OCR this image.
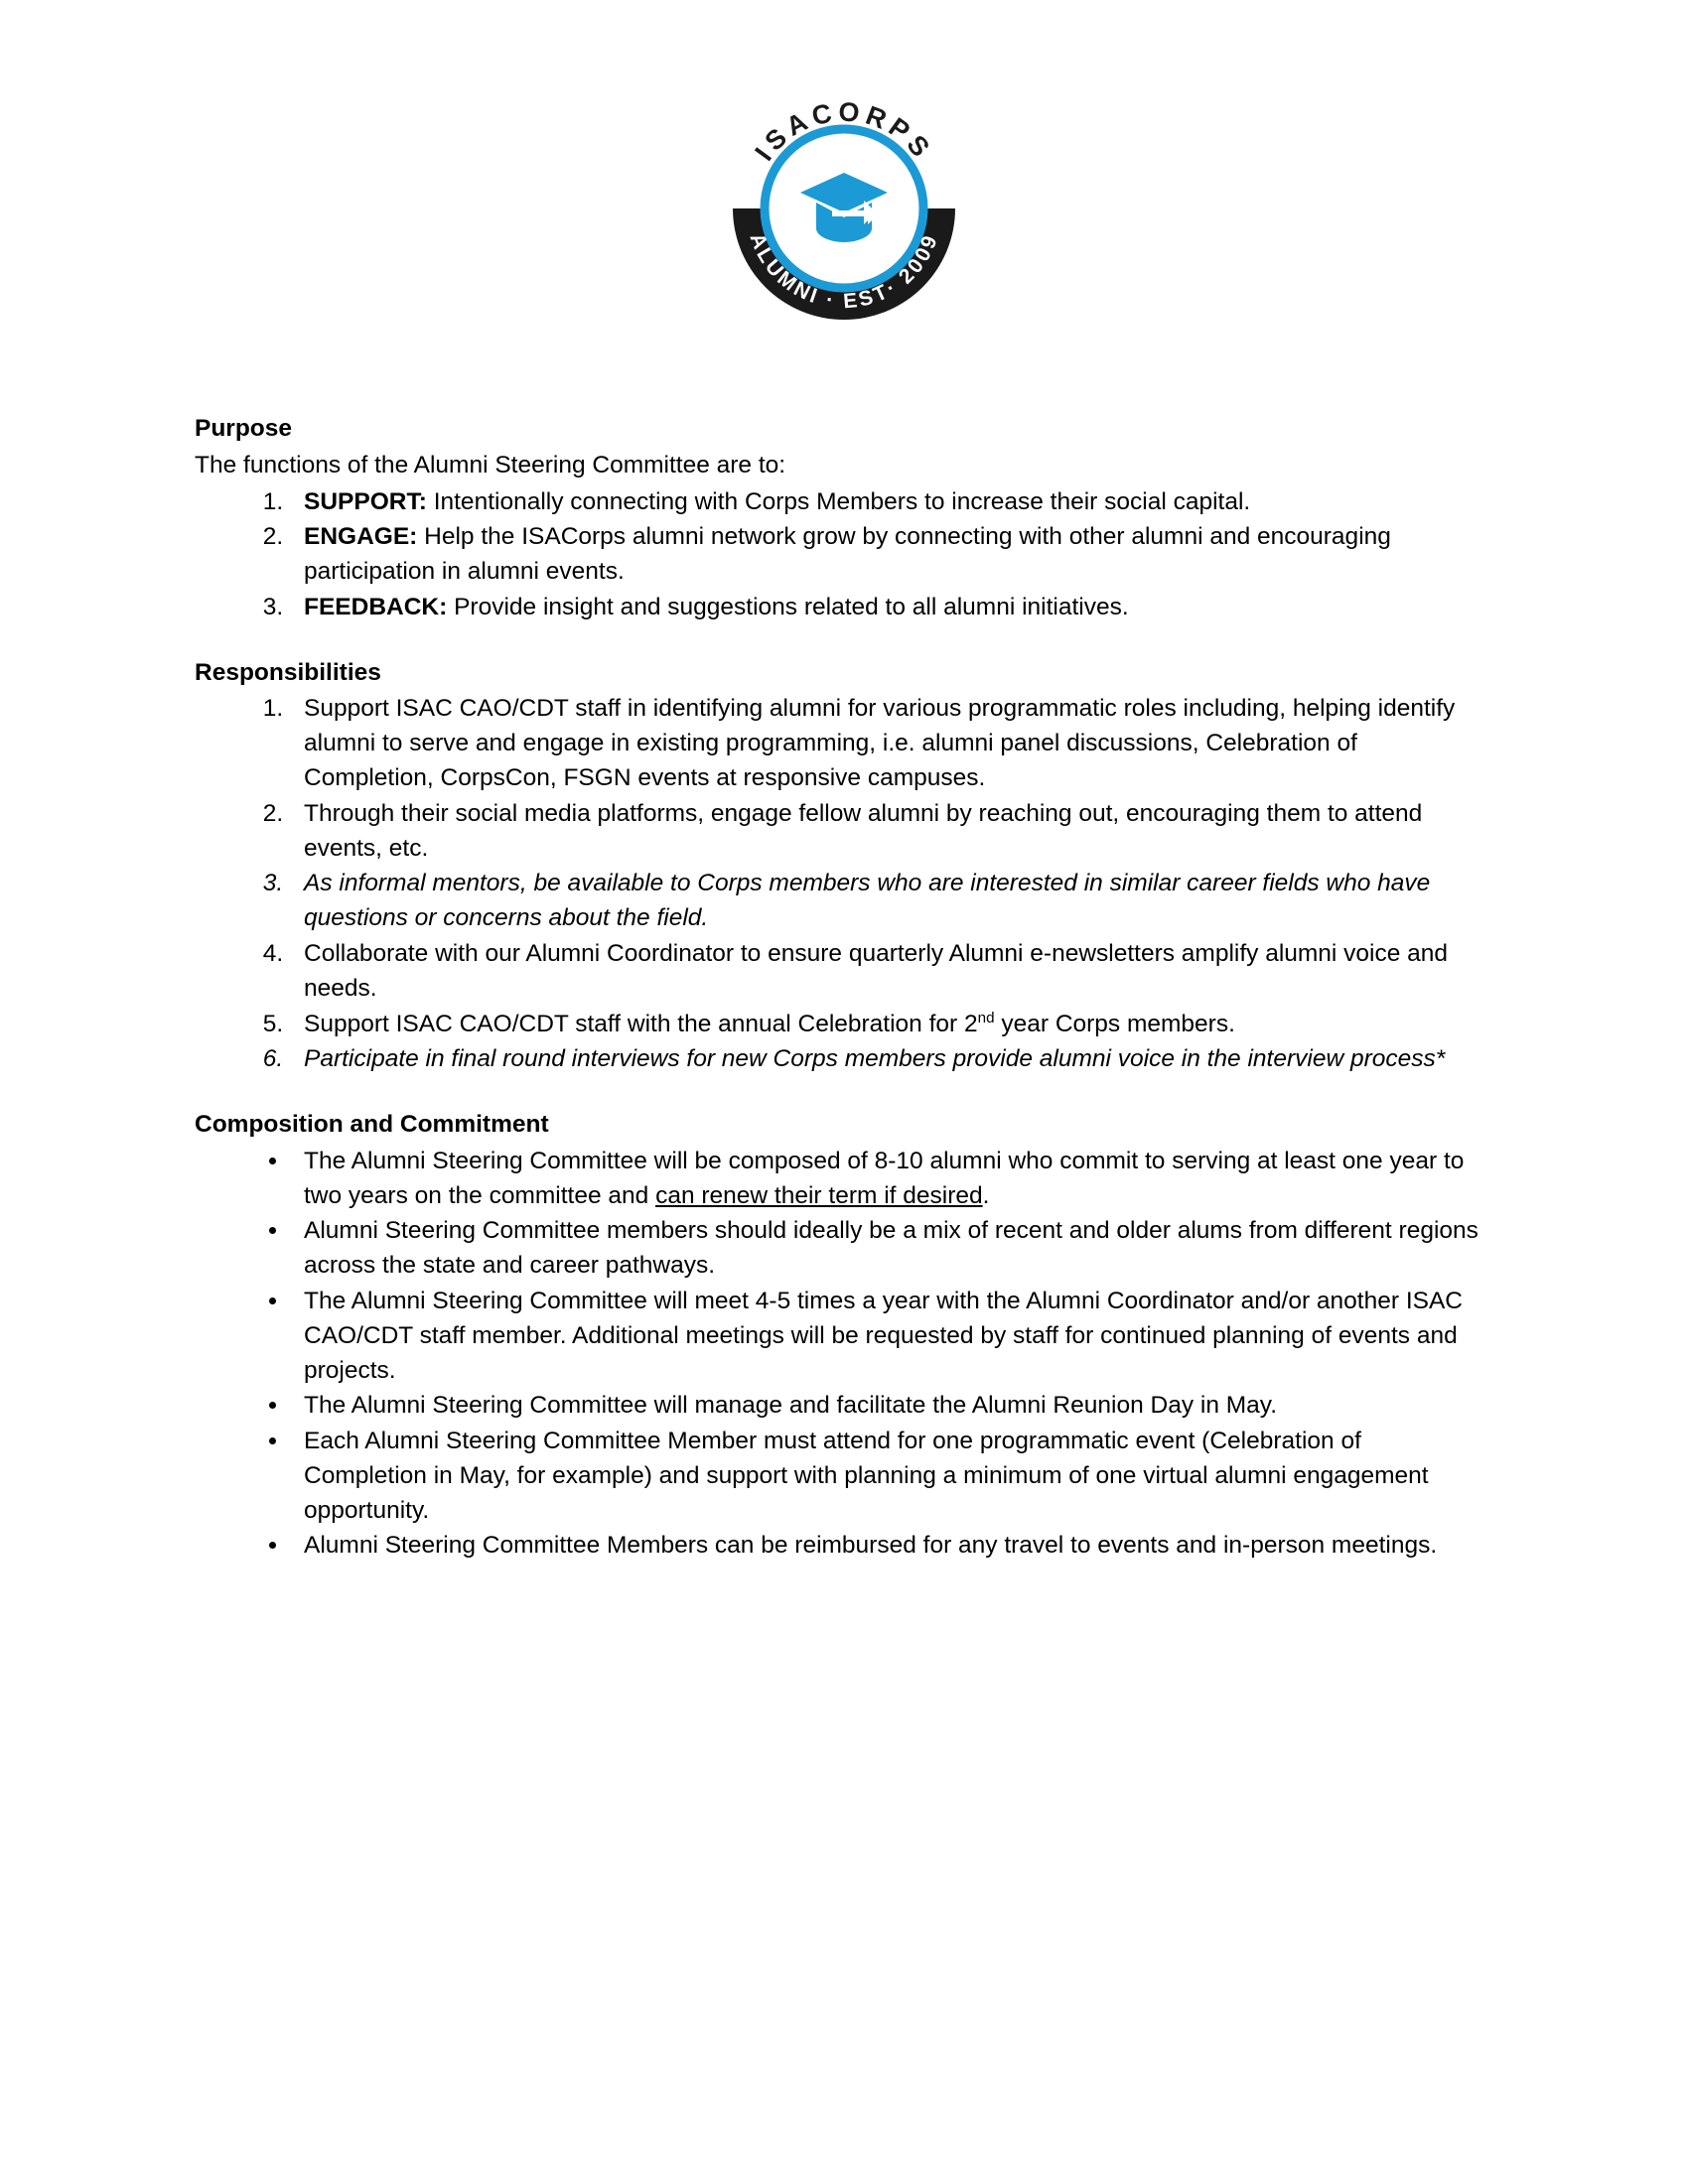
ISACORPS
ALUMNI · EST· 2009

Purpose

The functions of the Alumni Steering Committee are to:

1. SUPPORT: Intentionally connecting with Corps Members to increase their social capital.
2. ENGAGE: Help the ISACorps alumni network grow by connecting with other alumni and encouraging participation in alumni events.
3. FEEDBACK: Provide insight and suggestions related to all alumni initiatives.

Responsibilities

1. Support ISAC CAO/CDT staff in identifying alumni for various programmatic roles including, helping identify alumni to serve and engage in existing programming, i.e. alumni panel discussions, Celebration of Completion, CorpsCon, FSGN events at responsive campuses.
2. Through their social media platforms, engage fellow alumni by reaching out, encouraging them to attend events, etc.
3. As informal mentors, be available to Corps members who are interested in similar career fields who have questions or concerns about the field.
4. Collaborate with our Alumni Coordinator to ensure quarterly Alumni e-newsletters amplify alumni voice and needs.
5. Support ISAC CAO/CDT staff with the annual Celebration for 2nd year Corps members.
6. Participate in final round interviews for new Corps members provide alumni voice in the interview process*

Composition and Commitment

• The Alumni Steering Committee will be composed of 8-10 alumni who commit to serving at least one year to two years on the committee and can renew their term if desired.
• Alumni Steering Committee members should ideally be a mix of recent and older alums from different regions across the state and career pathways.
• The Alumni Steering Committee will meet 4-5 times a year with the Alumni Coordinator and/or another ISAC CAO/CDT staff member. Additional meetings will be requested by staff for continued planning of events and projects.
• The Alumni Steering Committee will manage and facilitate the Alumni Reunion Day in May.
• Each Alumni Steering Committee Member must attend for one programmatic event (Celebration of Completion in May, for example) and support with planning a minimum of one virtual alumni engagement opportunity.
• Alumni Steering Committee Members can be reimbursed for any travel to events and in-person meetings.
